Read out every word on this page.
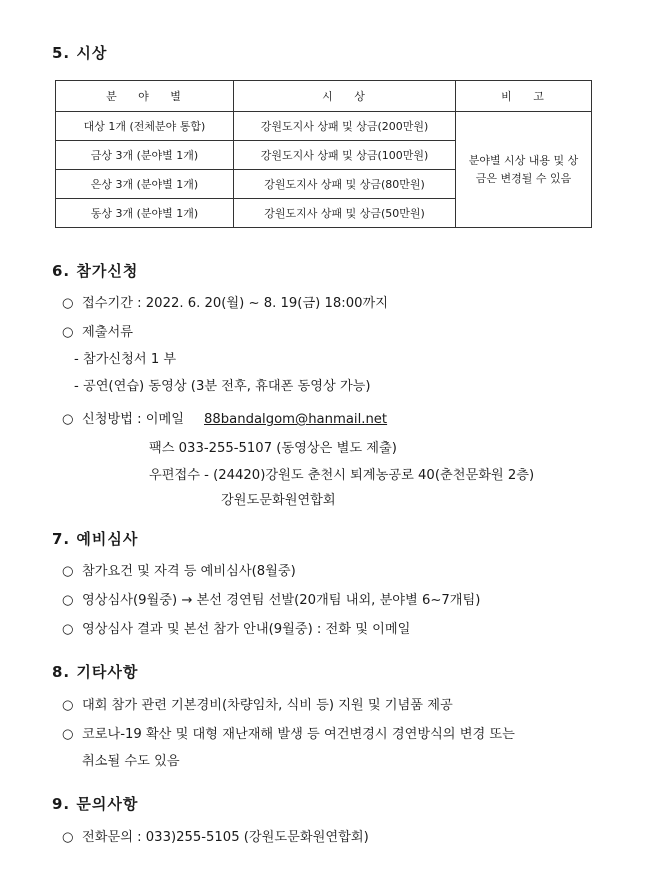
5. 시상
분 야 별	시 상	비 고
대상 1개 (전체분야 통합)	강원도지사 상패 및 상금(200만원)	분야별 시상 내용 및 상금은 변경될 수 있음
금상 3개 (분야별 1개)	강원도지사 상패 및 상금(100만원)	
은상 3개 (분야별 1개)	강원도지사 상패 및 상금(80만원)	
동상 3개 (분야별 1개)	강원도지사 상패 및 상금(50만원)	
6. 참가신청
○ 접수기간 : 2022. 6. 20(월) ~ 8. 19(금) 18:00까지
○ 제출서류
- 참가신청서 1 부
- 공연(연습) 동영상 (3분 전후, 휴대폰 동영상 가능)
○ 신청방법 : 이메일 88bandalgom@hanmail.net
팩스 033-255-5107 (동영상은 별도 제출)
우편접수 - (24420)강원도 춘천시 퇴계농공로 40(춘천문화원 2층)
강원도문화원연합회
7. 예비심사
○ 참가요건 및 자격 등 예비심사(8월중)
○ 영상심사(9월중) → 본선 경연팀 선발(20개팀 내외, 분야별 6~7개팀)
○ 영상심사 결과 및 본선 참가 안내(9월중) : 전화 및 이메일
8. 기타사항
○ 대회 참가 관련 기본경비(차량임차, 식비 등) 지원 및 기념품 제공
○ 코로나-19 확산 및 대형 재난재해 발생 등 여건변경시 경연방식의 변경 또는
취소될 수도 있음
9. 문의사항
○ 전화문의 : 033)255-5105 (강원도문화원연합회)
